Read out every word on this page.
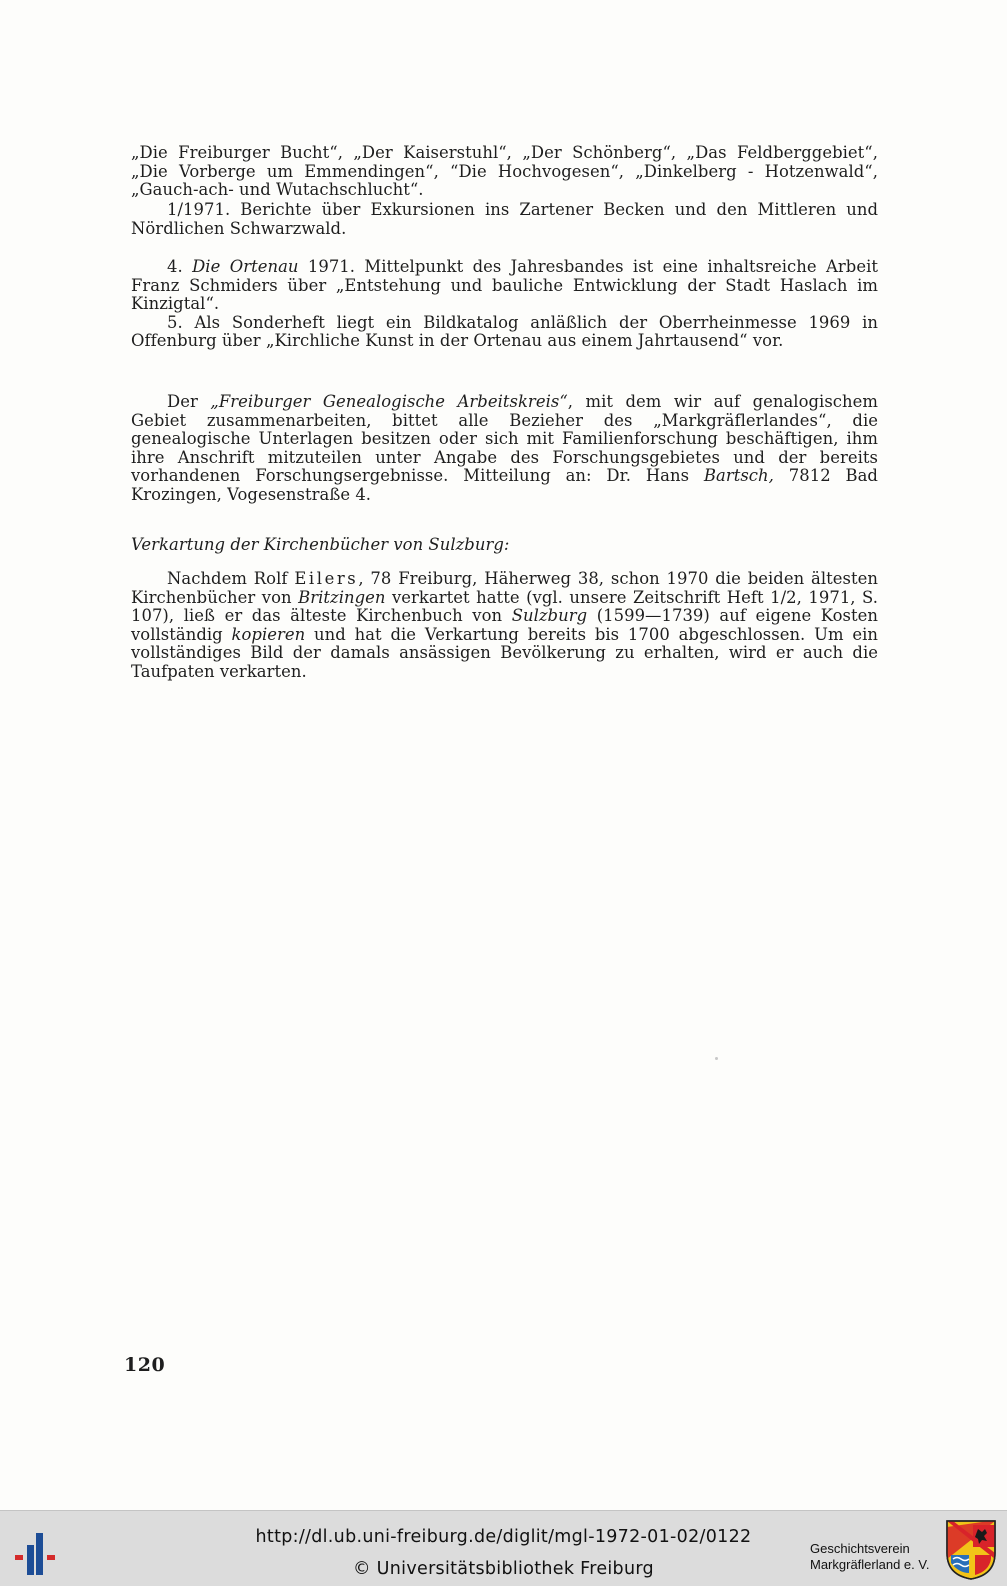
„Die Freiburger Bucht“, „Der Kaiserstuhl“, „Der Schönberg“, „Das Feldberggebiet“, „Die Vorberge um Emmendingen“, “Die Hochvogesen“, „Dinkelberg - Hotzenwald“, „Gauch-ach- und Wutachschlucht“.

1/1971. Berichte über Exkursionen ins Zartener Becken und den Mittleren und Nördlichen Schwarzwald.

4. Die Ortenau 1971. Mittelpunkt des Jahresbandes ist eine inhaltsreiche Arbeit Franz Schmiders über „Entstehung und bauliche Entwicklung der Stadt Haslach im Kinzigtal“.

5. Als Sonderheft liegt ein Bildkatalog anläßlich der Oberrheinmesse 1969 in Offenburg über „Kirchliche Kunst in der Ortenau aus einem Jahrtausend“ vor.

Der „Freiburger Genealogische Arbeitskreis“, mit dem wir auf genalogischem Gebiet zusammenarbeiten, bittet alle Bezieher des „Markgräflerlandes“, die genealogische Unterlagen besitzen oder sich mit Familienforschung beschäftigen, ihm ihre Anschrift mitzuteilen unter Angabe des Forschungsgebietes und der bereits vorhandenen Forschungsergebnisse. Mitteilung an: Dr. Hans Bartsch, 7812 Bad Krozingen, Vogesenstraße 4.

Verkartung der Kirchenbücher von Sulzburg:

Nachdem Rolf Eilers, 78 Freiburg, Häherweg 38, schon 1970 die beiden ältesten Kirchenbücher von Britzingen verkartet hatte (vgl. unsere Zeitschrift Heft 1/2, 1971, S. 107), ließ er das älteste Kirchenbuch von Sulzburg (1599—1739) auf eigene Kosten vollständig kopieren und hat die Verkartung bereits bis 1700 abgeschlossen. Um ein vollständiges Bild der damals ansässigen Bevölkerung zu erhalten, wird er auch die Taufpaten verkarten.

120
http://dl.ub.uni-freiburg.de/diglit/mgl-1972-01-02/0122
© Universitätsbibliothek Freiburg
Geschichtsverein
Markgräflerland e. V.
